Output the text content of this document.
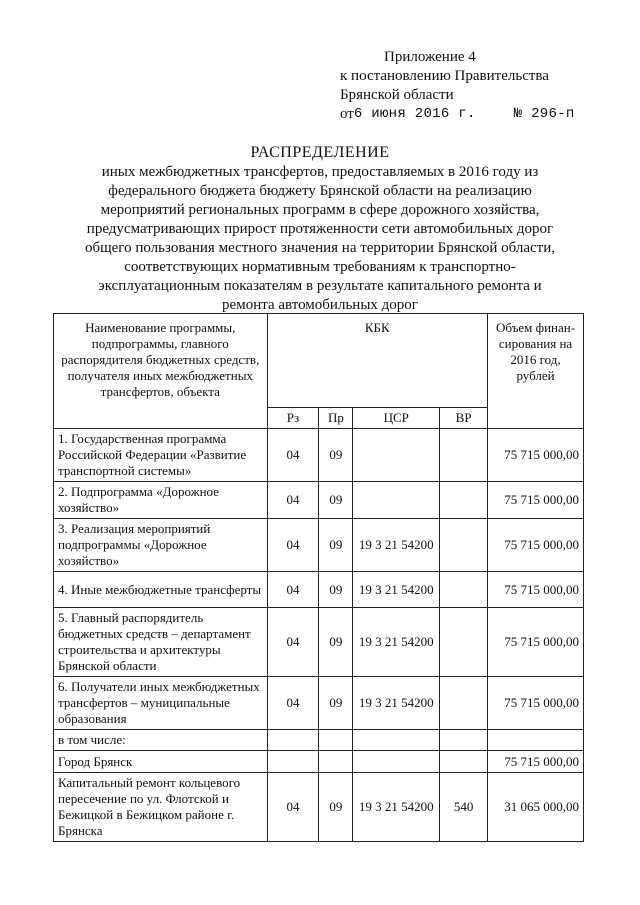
Приложение 4
к постановлению Правительства
Брянской области
от 6 июня 2016 г.	№ 296-п
РАСПРЕДЕЛЕНИЕ
иных межбюджетных трансфертов, предоставляемых в 2016 году из федерального бюджета бюджету Брянской области на реализацию мероприятий региональных программ в сфере дорожного хозяйства, предусматривающих прирост протяженности сети автомобильных дорог общего пользования местного значения на территории Брянской области, соответствующих нормативным требованиям к транспортно-эксплуатационным показателям в результате капитального ремонта и ремонта автомобильных дорог
Наименование программы, подпрограммы, главного распорядителя бюджетных средств, получателя иных межбюджетных трансфертов, объекта	КБК				Объем финан-сирования на 2016 год, рублей
	Рз	Пр	ЦСР	ВР	
1. Государственная программа Российской Федерации «Развитие транспортной системы»	04	09			75 715 000,00
2. Подпрограмма «Дорожное хозяйство»	04	09			75 715 000,00
3. Реализация мероприятий подпрограммы «Дорожное хозяйство»	04	09	19 3 21 54200		75 715 000,00
4. Иные межбюджетные трансферты	04	09	19 3 21 54200		75 715 000,00
5. Главный распорядитель бюджетных средств – департамент строительства и архитектуры Брянской области	04	09	19 3 21 54200		75 715 000,00
6. Получатели иных межбюджетных трансфертов – муниципальные образования	04	09	19 3 21 54200		75 715 000,00
в том числе:					
Город Брянск					75 715 000,00
Капитальный ремонт кольцевого пересечение по ул. Флотской и Бежицкой в Бежицком районе г. Брянска	04	09	19 3 21 54200	540	31 065 000,00
